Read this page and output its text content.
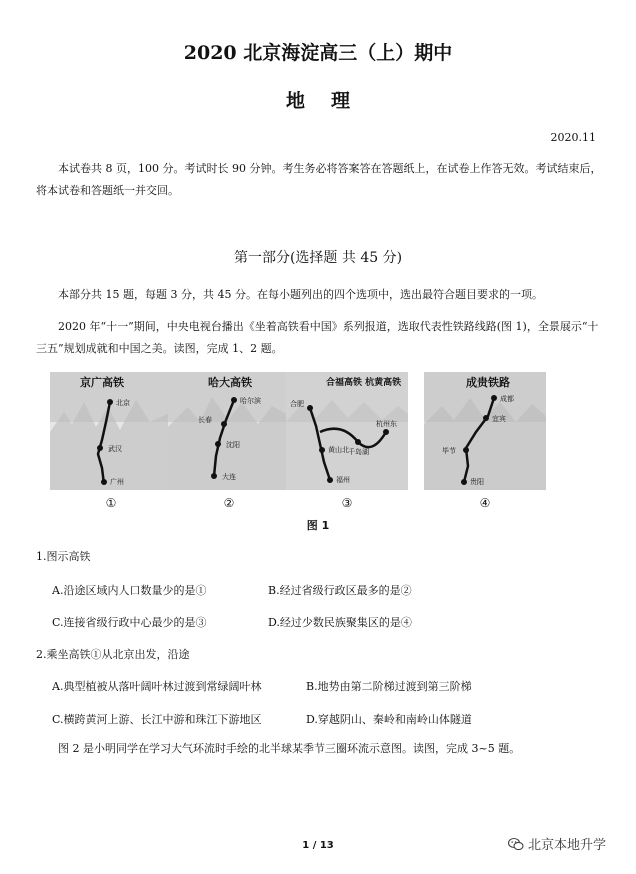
2020 北京海淀高三（上）期中
地理
2020.11
本试卷共 8 页，100 分。考试时长 90 分钟。考生务必将答案答在答题纸上，在试卷上作答无效。考试结束后，将本试卷和答题纸一并交回。
第一部分(选择题 共 45 分)
本部分共 15 题，每题 3 分，共 45 分。在每小题列出的四个选项中，选出最符合题目要求的一项。
2020 年“十一”期间，中央电视台播出《坐着高铁看中国》系列报道，选取代表性铁路线路(图 1)，全景展示“十三五”规划成就和中国之美。读图，完成 1、2 题。
北京
武汉
广州
京广高铁
哈尔滨
长春
沈阳
大连
哈大高铁
合肥
杭州东
千岛湖
黄山北
福州
合福高铁 杭黄高铁
成都
宜宾
毕节
贵阳
成贵铁路
①	②	③	④
图 1
1.图示高铁
A.沿途区域内人口数量少的是①	B.经过省级行政区最多的是②
C.连接省级行政中心最少的是③	D.经过少数民族聚集区的是④
2.乘坐高铁①从北京出发，沿途
A.典型植被从落叶阔叶林过渡到常绿阔叶林	B.地势由第二阶梯过渡到第三阶梯
C.横跨黄河上游、长江中游和珠江下游地区	D.穿越阴山、秦岭和南岭山体隧道
图 2 是小明同学在学习大气环流时手绘的北半球某季节三圈环流示意图。读图，完成 3~5 题。
1 / 13	北京本地升学
